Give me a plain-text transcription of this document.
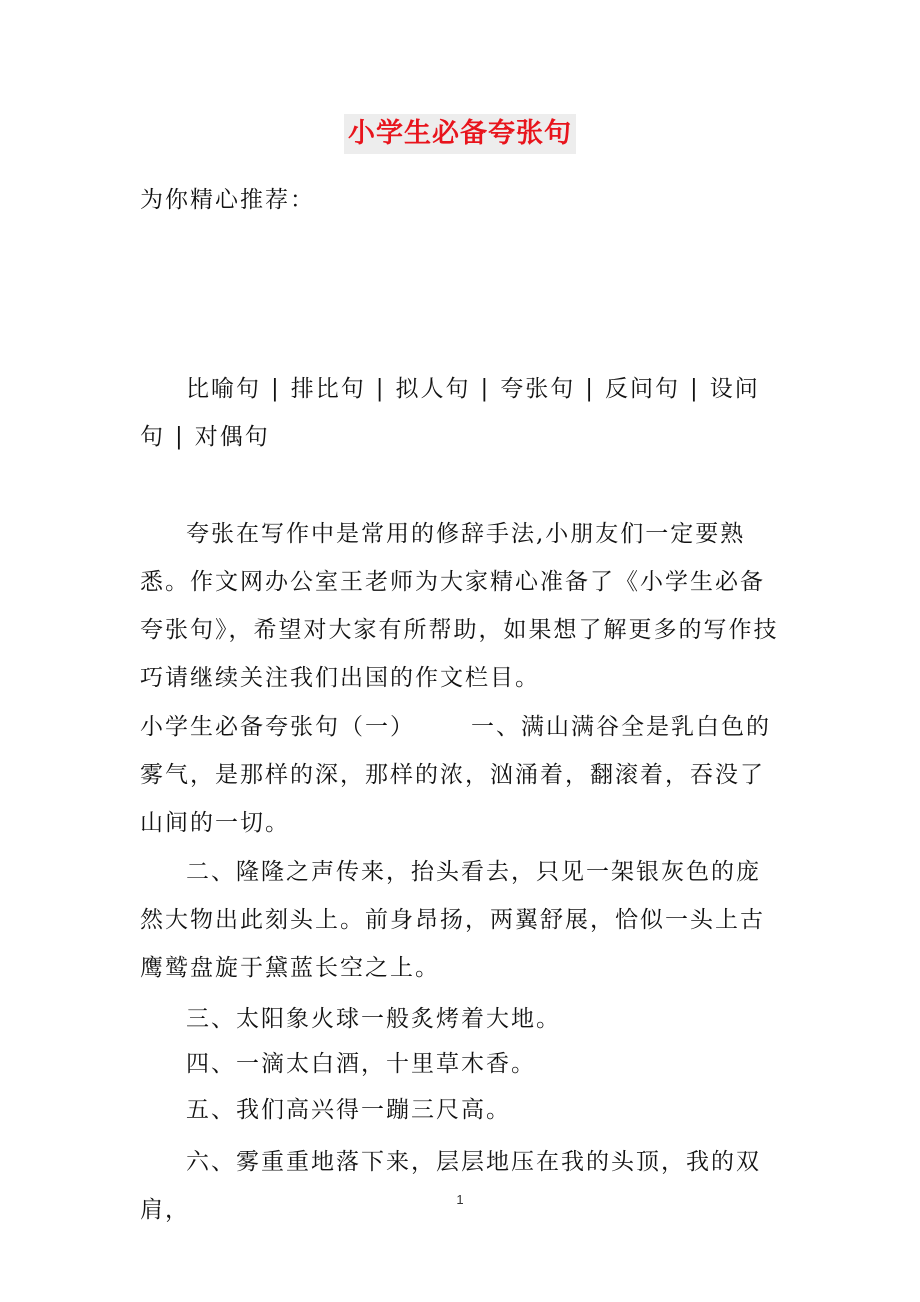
小学生必备夸张句

为你精心推荐：

比喻句 | 排比句 | 拟人句 | 夸张句 | 反问句 | 设问句 | 对偶句

夸张在写作中是常用的修辞手法,小朋友们一定要熟悉。作文网办公室王老师为大家精心准备了《小学生必备夸张句》，希望对大家有所帮助，如果想了解更多的写作技巧请继续关注我们出国的作文栏目。

小学生必备夸张句（一） 一、满山满谷全是乳白色的雾气，是那样的深，那样的浓，汹涌着，翻滚着，吞没了山间的一切。

二、隆隆之声传来，抬头看去，只见一架银灰色的庞然大物出此刻头上。前身昂扬，两翼舒展，恰似一头上古鹰鹫盘旋于黛蓝长空之上。

三、太阳象火球一般炙烤着大地。

四、一滴太白酒，十里草木香。

五、我们高兴得一蹦三尺高。

六、雾重重地落下来，层层地压在我的头顶，我的双肩，	1
